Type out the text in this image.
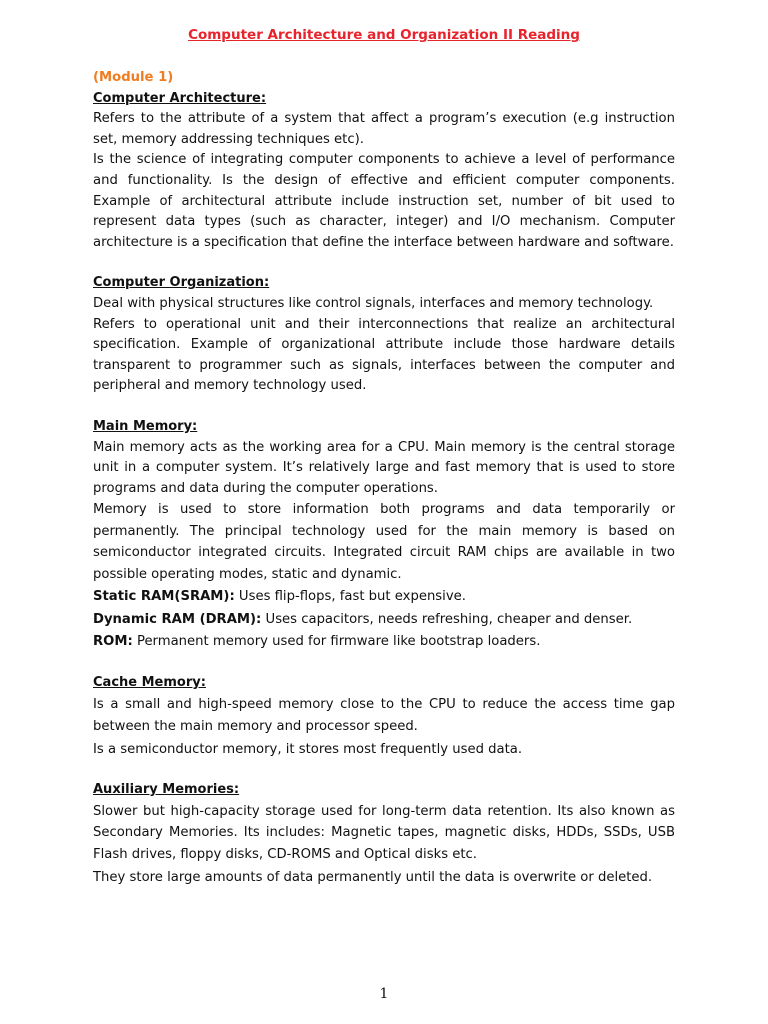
Computer Architecture and Organization II Reading

(Module 1)

Computer Architecture:

Refers to the attribute of a system that affect a program’s execution (e.g instruction set, memory addressing techniques etc).

Is the science of integrating computer components to achieve a level of performance and functionality. Is the design of effective and efficient computer components. Example of architectural attribute include instruction set, number of bit used to represent data types (such as character, integer) and I/O mechanism. Computer architecture is a specification that define the interface between hardware and software.

Computer Organization:

Deal with physical structures like control signals, interfaces and memory technology.

Refers to operational unit and their interconnections that realize an architectural specification. Example of organizational attribute include those hardware details transparent to programmer such as signals, interfaces between the computer and peripheral and memory technology used.

Main Memory:

Main memory acts as the working area for a CPU. Main memory is the central storage unit in a computer system. It’s relatively large and fast memory that is used to store programs and data during the computer operations.

Memory is used to store information both programs and data temporarily or permanently. The principal technology used for the main memory is based on semiconductor integrated circuits. Integrated circuit RAM chips are available in two possible operating modes, static and dynamic.

Static RAM(SRAM): Uses flip-flops, fast but expensive.

Dynamic RAM (DRAM): Uses capacitors, needs refreshing, cheaper and denser.

ROM: Permanent memory used for firmware like bootstrap loaders.

Cache Memory:

Is a small and high-speed memory close to the CPU to reduce the access time gap between the main memory and processor speed.

Is a semiconductor memory, it stores most frequently used data.

Auxiliary Memories:

Slower but high-capacity storage used for long-term data retention. Its also known as Secondary Memories. Its includes: Magnetic tapes, magnetic disks, HDDs, SSDs, USB Flash drives, floppy disks, CD-ROMS and Optical disks etc.

They store large amounts of data permanently until the data is overwrite or deleted.

1
